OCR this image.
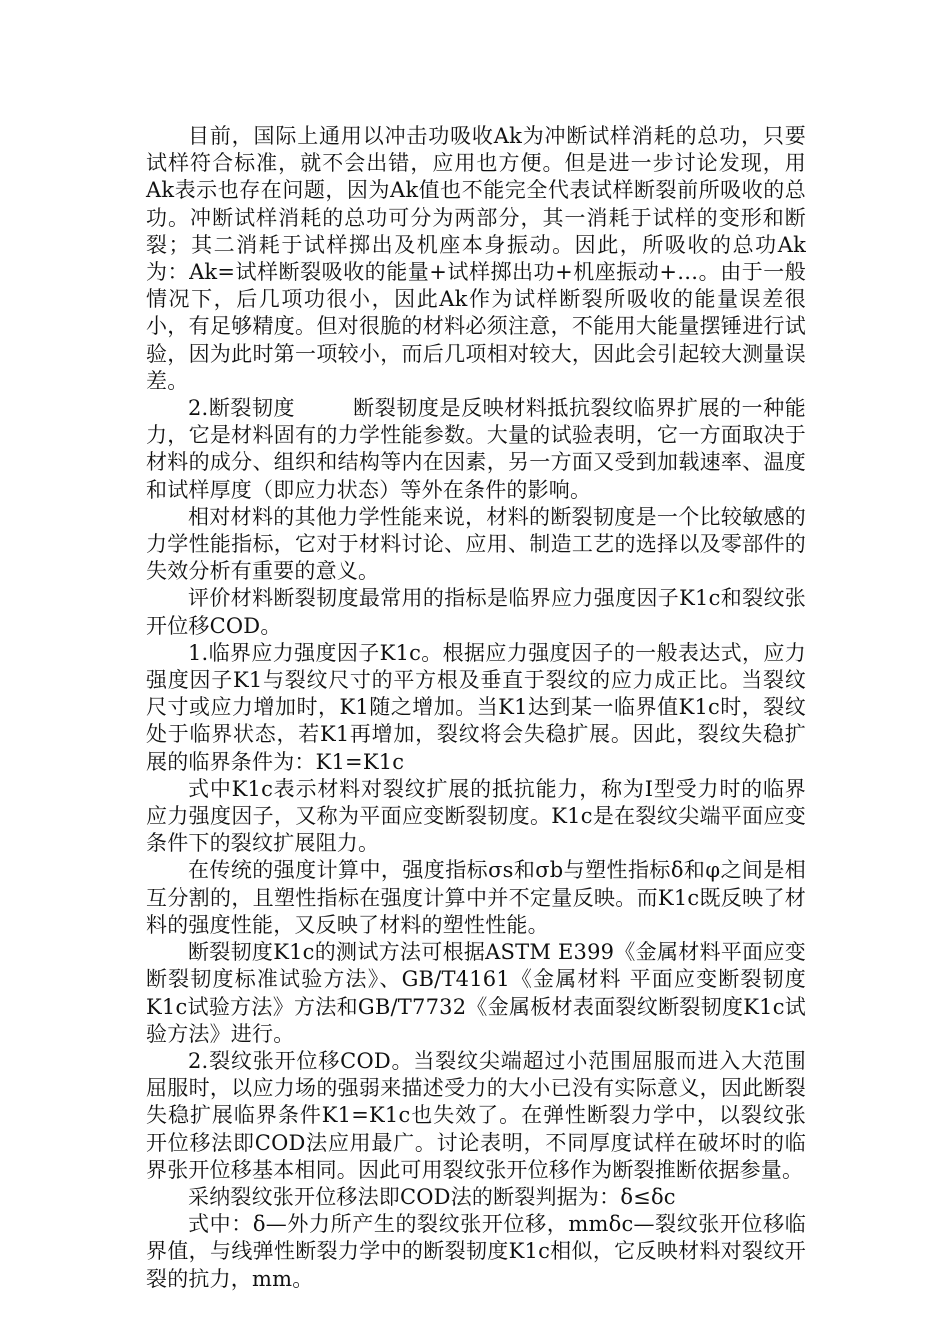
目前，国际上通用以冲击功吸收Ak为冲断试样消耗的总功，只要试样符合标准，就不会出错，应用也方便。但是进一步讨论发现，用Ak表示也存在问题，因为Ak值也不能完全代表试样断裂前所吸收的总功。冲断试样消耗的总功可分为两部分，其一消耗于试样的变形和断裂；其二消耗于试样掷出及机座本身振动。因此，所吸收的总功Ak为：Ak=试样断裂吸收的能量+试样掷出功+机座振动+…。由于一般情况下，后几项功很小，因此Ak作为试样断裂所吸收的能量误差很小，有足够精度。但对很脆的材料必须注意，不能用大能量摆锤进行试验，因为此时第一项较小，而后几项相对较大，因此会引起较大测量误差。

2.断裂韧度        断裂韧度是反映材料抵抗裂纹临界扩展的一种能力，它是材料固有的力学性能参数。大量的试验表明，它一方面取决于材料的成分、组织和结构等内在因素，另一方面又受到加载速率、温度和试样厚度（即应力状态）等外在条件的影响。

相对材料的其他力学性能来说，材料的断裂韧度是一个比较敏感的力学性能指标，它对于材料讨论、应用、制造工艺的选择以及零部件的失效分析有重要的意义。

评价材料断裂韧度最常用的指标是临界应力强度因子K1c和裂纹张开位移COD。

1.临界应力强度因子K1c。根据应力强度因子的一般表达式，应力强度因子K1与裂纹尺寸的平方根及垂直于裂纹的应力成正比。当裂纹尺寸或应力增加时，K1随之增加。当K1达到某一临界值K1c时，裂纹处于临界状态，若K1再增加，裂纹将会失稳扩展。因此，裂纹失稳扩展的临界条件为：K1=K1c

式中K1c表示材料对裂纹扩展的抵抗能力，称为Ⅰ型受力时的临界应力强度因子，又称为平面应变断裂韧度。K1c是在裂纹尖端平面应变条件下的裂纹扩展阻力。

在传统的强度计算中，强度指标σs和σb与塑性指标δ和φ之间是相互分割的，且塑性指标在强度计算中并不定量反映。而K1c既反映了材料的强度性能，又反映了材料的塑性性能。

断裂韧度K1c的测试方法可根据ASTM E399《金属材料平面应变断裂韧度标准试验方法》、GB/T4161《金属材料 平面应变断裂韧度K1c试验方法》方法和GB/T7732《金属板材表面裂纹断裂韧度K1c试验方法》进行。

2.裂纹张开位移COD。当裂纹尖端超过小范围屈服而进入大范围屈服时，以应力场的强弱来描述受力的大小已没有实际意义，因此断裂失稳扩展临界条件K1=K1c也失效了。在弹性断裂力学中，以裂纹张开位移法即COD法应用最广。讨论表明，不同厚度试样在破坏时的临界张开位移基本相同。因此可用裂纹张开位移作为断裂推断依据参量。

采纳裂纹张开位移法即COD法的断裂判据为：δ≤δc

式中：δ—外力所产生的裂纹张开位移，mmδc—裂纹张开位移临界值，与线弹性断裂力学中的断裂韧度K1c相似，它反映材料对裂纹开裂的抗力，mm。
